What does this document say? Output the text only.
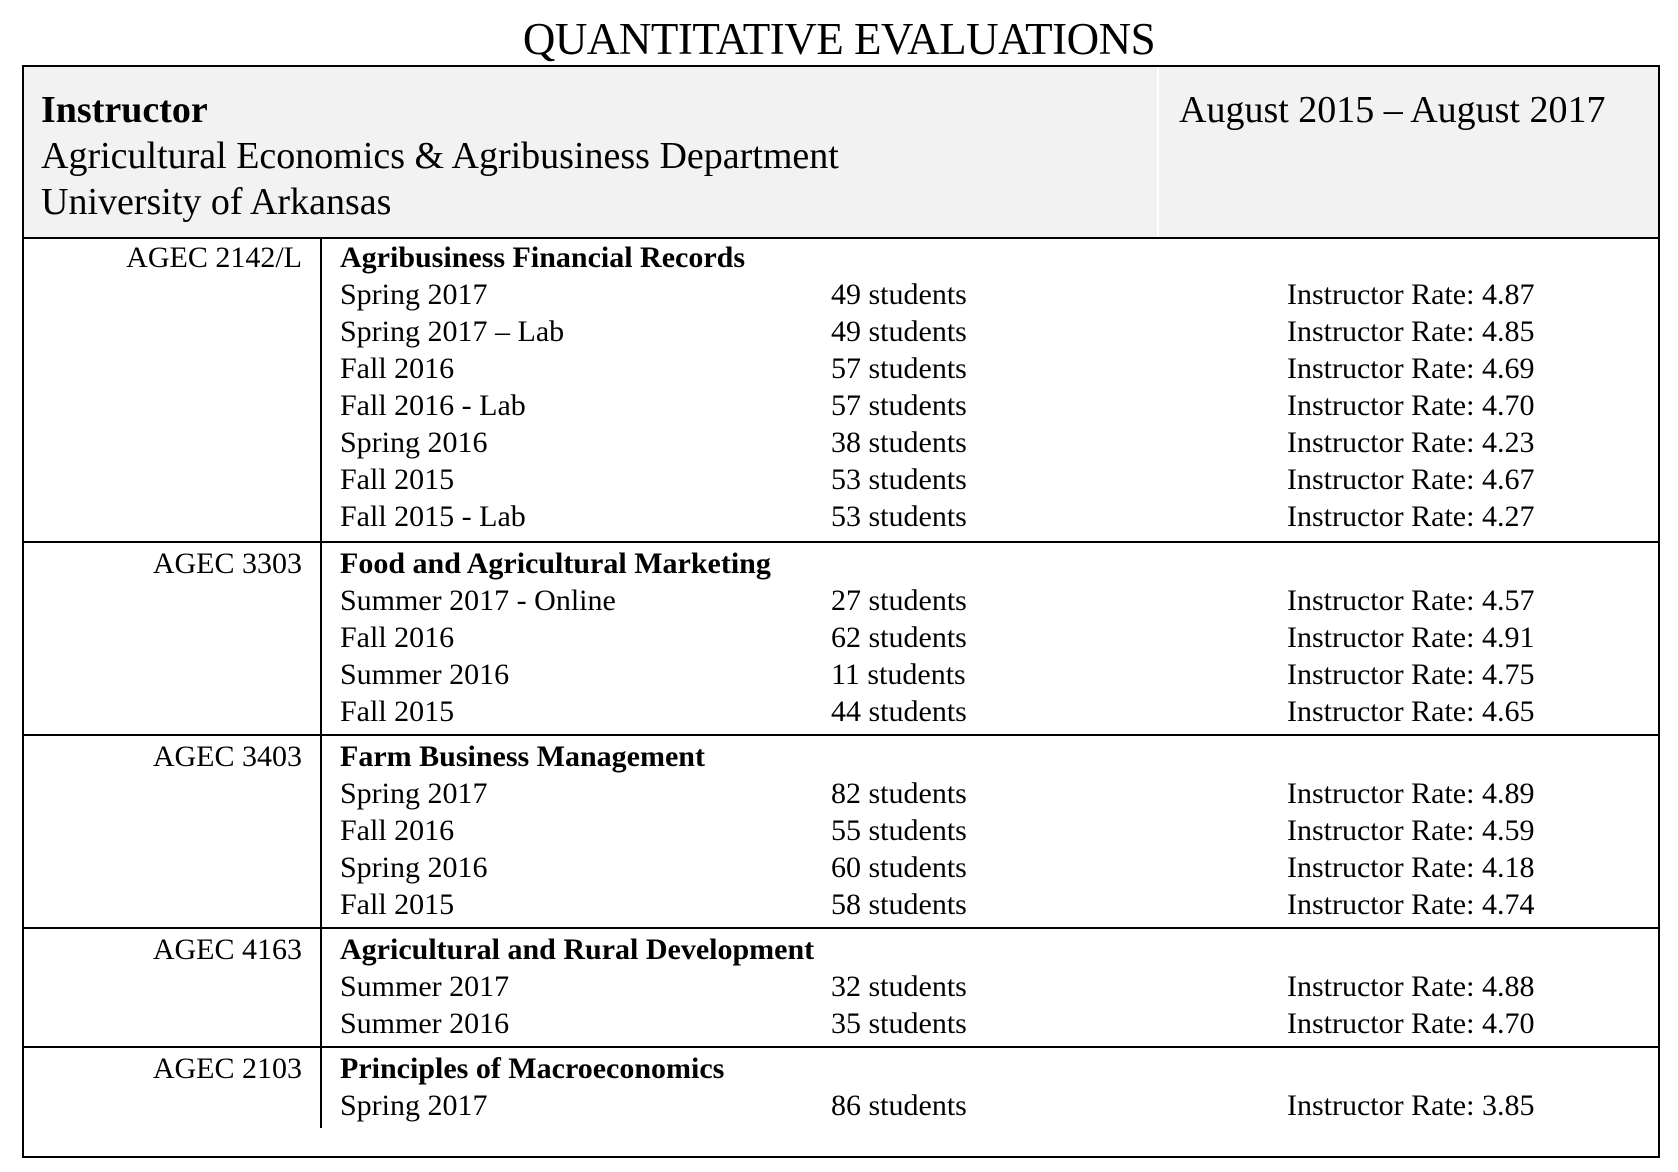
QUANTITATIVE EVALUATIONS
Instructor
Agricultural Economics & Agribusiness Department
University of Arkansas
August 2015 – August 2017
AGEC 2142/L Agribusiness Financial Records
Spring 2017	49 students	Instructor Rate: 4.87
Spring 2017 – Lab	49 students	Instructor Rate: 4.85
Fall 2016	57 students	Instructor Rate: 4.69
Fall 2016 - Lab	57 students	Instructor Rate: 4.70
Spring 2016	38 students	Instructor Rate: 4.23
Fall 2015	53 students	Instructor Rate: 4.67
Fall 2015 - Lab	53 students	Instructor Rate: 4.27
AGEC 3303 Food and Agricultural Marketing
Summer 2017 - Online	27 students	Instructor Rate: 4.57
Fall 2016	62 students	Instructor Rate: 4.91
Summer 2016	11 students	Instructor Rate: 4.75
Fall 2015	44 students	Instructor Rate: 4.65
AGEC 3403 Farm Business Management
Spring 2017	82 students	Instructor Rate: 4.89
Fall 2016	55 students	Instructor Rate: 4.59
Spring 2016	60 students	Instructor Rate: 4.18
Fall 2015	58 students	Instructor Rate: 4.74
AGEC 4163 Agricultural and Rural Development
Summer 2017	32 students	Instructor Rate: 4.88
Summer 2016	35 students	Instructor Rate: 4.70
AGEC 2103 Principles of Macroeconomics
Spring 2017	86 students	Instructor Rate: 3.85
